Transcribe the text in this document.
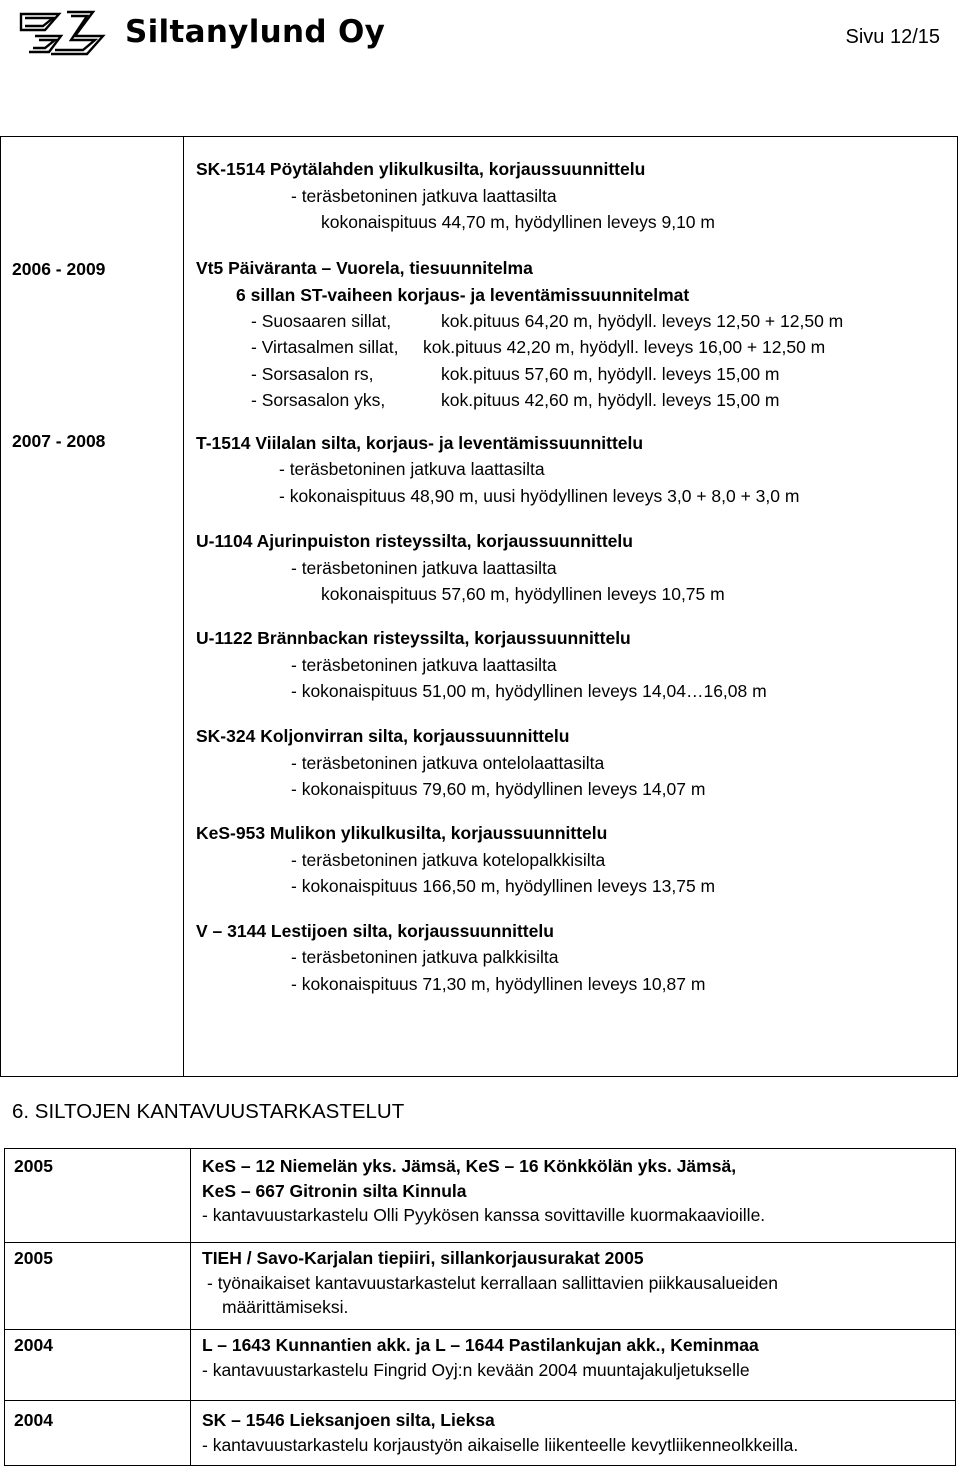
Siltanylund Oy	Sivu 12/15
SK-1514 Pöytälahden ylikulkusilta, korjaussuunnittelu
- teräsbetoninen jatkuva laattasilta
kokonaispituus 44,70 m, hyödyllinen leveys 9,10 m
2006 - 2009	Vt5 Päiväranta – Vuorela, tiesuunnitelma
6 sillan ST-vaiheen korjaus- ja leventämissuunnitelmat
- Suosaaren sillat,	kok.pituus 64,20 m, hyödyll. leveys 12,50 + 12,50 m
- Virtasalmen sillat, kok.pituus 42,20 m, hyödyll. leveys 16,00 + 12,50 m
- Sorsasalon rs,	kok.pituus 57,60 m, hyödyll. leveys 15,00 m
- Sorsasalon yks,	kok.pituus 42,60 m, hyödyll. leveys 15,00 m
2007 - 2008	T-1514 Viilalan silta, korjaus- ja leventämissuunnittelu
- teräsbetoninen jatkuva laattasilta
- kokonaispituus 48,90 m, uusi hyödyllinen leveys 3,0 + 8,0 + 3,0 m
U-1104 Ajurinpuiston risteyssilta, korjaussuunnittelu
- teräsbetoninen jatkuva laattasilta
kokonaispituus 57,60 m, hyödyllinen leveys 10,75 m
U-1122 Brännbackan risteyssilta, korjaussuunnittelu
- teräsbetoninen jatkuva laattasilta
- kokonaispituus 51,00 m, hyödyllinen leveys 14,04…16,08 m
SK-324 Koljonvirran silta, korjaussuunnittelu
- teräsbetoninen jatkuva ontelolaattasilta
- kokonaispituus 79,60 m, hyödyllinen leveys 14,07 m
KeS-953 Mulikon ylikulkusilta, korjaussuunnittelu
- teräsbetoninen jatkuva kotelopalkkisilta
- kokonaispituus 166,50 m, hyödyllinen leveys 13,75 m
V – 3144 Lestijoen silta, korjaussuunnittelu
- teräsbetoninen jatkuva palkkisilta
- kokonaispituus 71,30 m, hyödyllinen leveys 10,87 m
6. SILTOJEN KANTAVUUSTARKASTELUT
2005	KeS – 12 Niemelän yks. Jämsä, KeS – 16 Könkkölän yks. Jämsä,
KeS – 667 Gitronin silta Kinnula
- kantavuustarkastelu Olli Pyykösen kanssa sovittaville kuormakaavioille.
2005	TIEH / Savo-Karjalan tiepiiri, sillankorjausurakat 2005
- työnaikaiset kantavuustarkastelut kerrallaan sallittavien piikkausalueiden
määrittämiseksi.
2004	L – 1643 Kunnantien akk. ja L – 1644 Pastilankujan akk., Keminmaa
- kantavuustarkastelu Fingrid Oyj:n kevään 2004 muuntajakuljetukselle
2004	SK – 1546 Lieksanjoen silta, Lieksa
- kantavuustarkastelu korjaustyön aikaiselle liikenteelle kevytliikenneolkkeilla.
